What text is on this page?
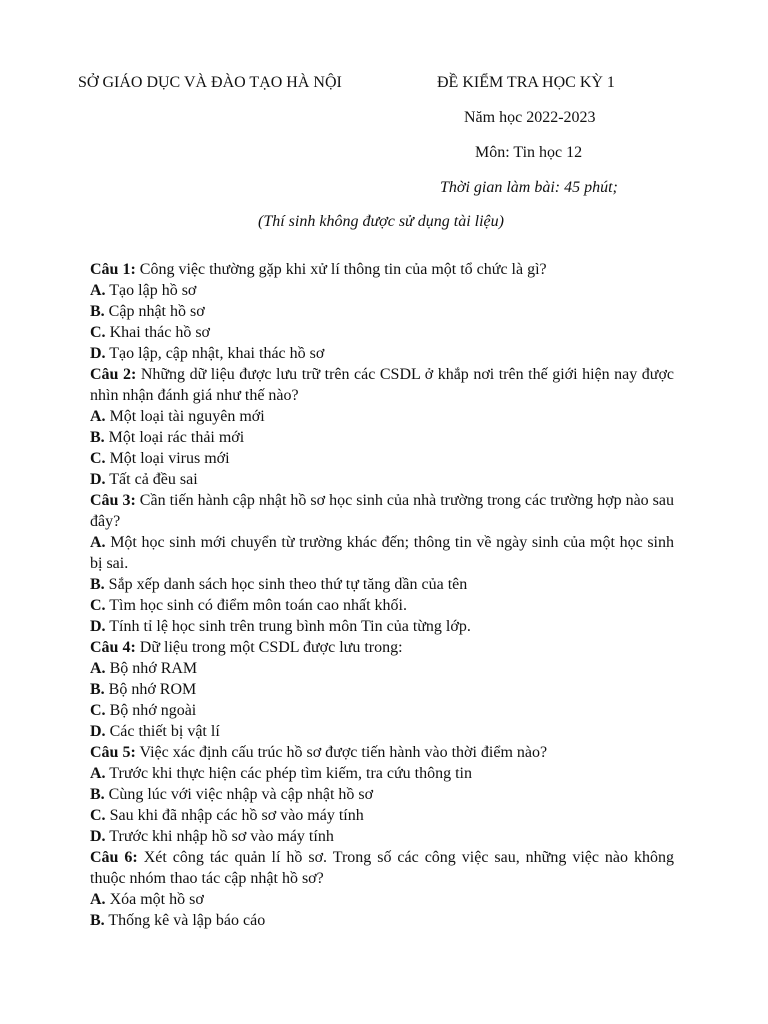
SỞ GIÁO DỤC VÀ ĐÀO TẠO HÀ NỘI	ĐỀ KIỂM TRA HỌC KỲ 1
Năm học 2022-2023
Môn: Tin học 12
Thời gian làm bài: 45 phút;
(Thí sinh không được sử dụng tài liệu)

Câu 1: Công việc thường gặp khi xử lí thông tin của một tổ chức là gì?

A. Tạo lập hồ sơ

B. Cập nhật hồ sơ

C. Khai thác hồ sơ

D. Tạo lập, cập nhật, khai thác hồ sơ

Câu 2: Những dữ liệu được lưu trữ trên các CSDL ở khắp nơi trên thế giới hiện nay được nhìn nhận đánh giá như thế nào?

A. Một loại tài nguyên mới

B. Một loại rác thải mới

C. Một loại virus mới

D. Tất cả đều sai

Câu 3: Cần tiến hành cập nhật hồ sơ học sinh của nhà trường trong các trường hợp nào sau đây?

A. Một học sinh mới chuyển từ trường khác đến; thông tin về ngày sinh của một học sinh bị sai.

B. Sắp xếp danh sách học sinh theo thứ tự tăng dần của tên

C. Tìm học sinh có điểm môn toán cao nhất khối.

D. Tính tỉ lệ học sinh trên trung bình môn Tin của từng lớp.

Câu 4: Dữ liệu trong một CSDL được lưu trong:

A. Bộ nhớ RAM

B. Bộ nhớ ROM

C. Bộ nhớ ngoài

D. Các thiết bị vật lí

Câu 5: Việc xác định cấu trúc hồ sơ được tiến hành vào thời điểm nào?

A. Trước khi thực hiện các phép tìm kiếm, tra cứu thông tin

B. Cùng lúc với việc nhập và cập nhật hồ sơ

C. Sau khi đã nhập các hồ sơ vào máy tính

D. Trước khi nhập hồ sơ vào máy tính

Câu 6: Xét công tác quản lí hồ sơ. Trong số các công việc sau, những việc nào không thuộc nhóm thao tác cập nhật hồ sơ?

A. Xóa một hồ sơ

B. Thống kê và lập báo cáo
